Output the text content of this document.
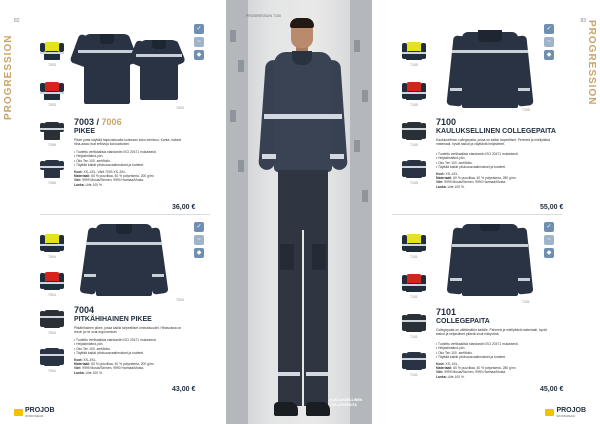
PROGRESSION
82
7003
7003
7006
7006
7003
✓
~
◆
7003 / 7006
PIKEE
Pikee paita näyttää taipuvaisuutta korkeaan koko toimivuu. Kanta- hakeet hiha-adaa ovat eritiivuja kokouotuisen.
• Tuotettu vertikaalisia standardin ISO 20471 mukaisesti.
• Heijastinbänd-yön.
• Oko Ten 100 -sertifioitu.
• Täyttää kaikki pitoisuusvaatimukset ja tuotteet.
Koot: XS–4XL. Värit 7003 XS–5XL.
Materiaali: 60 % puuvillaa, 40 % polyesteria, 200 g/m².
Väri: 9999 Musta/Sininen, 9990 Harmaa/Musta.
Lanka: Liite 100 %.
36,00 €
7004
7004
7004
7004
7004
✓
~
◆
7004
PITKÄHIHAINEN PIKEE
Pitkähihainen pikee, jossa kaikki tarpeelliset ominaisuudet. Hihasuissa on resori ja ne ovat ergonomiset.
• Tuotettu vertikaalisia standardin ISO 20471 mukaisesti.
• Heijastinbänd-yön.
• Oko Ten 100 -sertifioitu.
• Täyttää kaikki pitoisuusvaatimukset ja tuotteet.
Koot: XS–5XL.
Materiaali: 60 % puuvillaa, 40 % polyesteria, 200 g/m².
Väri: 9999 Musta/Sininen, 9990 Harmaa/Musta.
Lanka: Liite 100 %.
43,00 €
PROJOB
WORKWEAR
PROGRESSION 7100
KAULUKSELLINEN
COLLEGEPAITA
PROGRESSION
83
7100
7100
7100
7100
7100
✓
~
◆
7100
KAULUKSELLINEN COLLEGEPAITA
Kauluksellinen collegepaita, jossa on kaikki tarpeelliset. Pehmeä ja miellyttävä materiaali, hyvät taskut ja näyttävät heijastimet.
• Tuotettu vertikaalisia standardin ISO 20471 mukaisesti.
• Heijastinbänd-yön.
• Oko Ten 100 -sertifioitu.
• Täyttää kaikki pitoisuusvaatimukset ja tuotteet.
Koot: XS–4XL.
Materiaali: 60 % puuvillaa, 40 % polyesteria, 280 g/m².
Väri: 9999 Musta/Sininen, 9990 Harmaa/Musta.
Lanka: Liite 100 %.
55,00 €
7101
7101
7101
7101
7101
✓
~
◆
7101
COLLEGEPAITA
Collegepaita on välttämätön kaikille. Pehmeä ja miellyttävä materiaali, hyvät taskut ja heijastimet pitävät sinut näkyvänä.
• Tuotettu vertikaalisia standardin ISO 20471 mukaisesti.
• Heijastinbänd-yön.
• Oko Ten 100 -sertifioitu.
• Täyttää kaikki pitoisuusvaatimukset ja tuotteet.
Koot: XS–4XL.
Materiaali: 60 % puuvillaa, 40 % polyesteria, 280 g/m².
Väri: 9999 Musta/Sininen, 9990 Harmaa/Musta.
Lanka: Liite 100 %.
45,00 €
PROJOB
WORKWEAR
